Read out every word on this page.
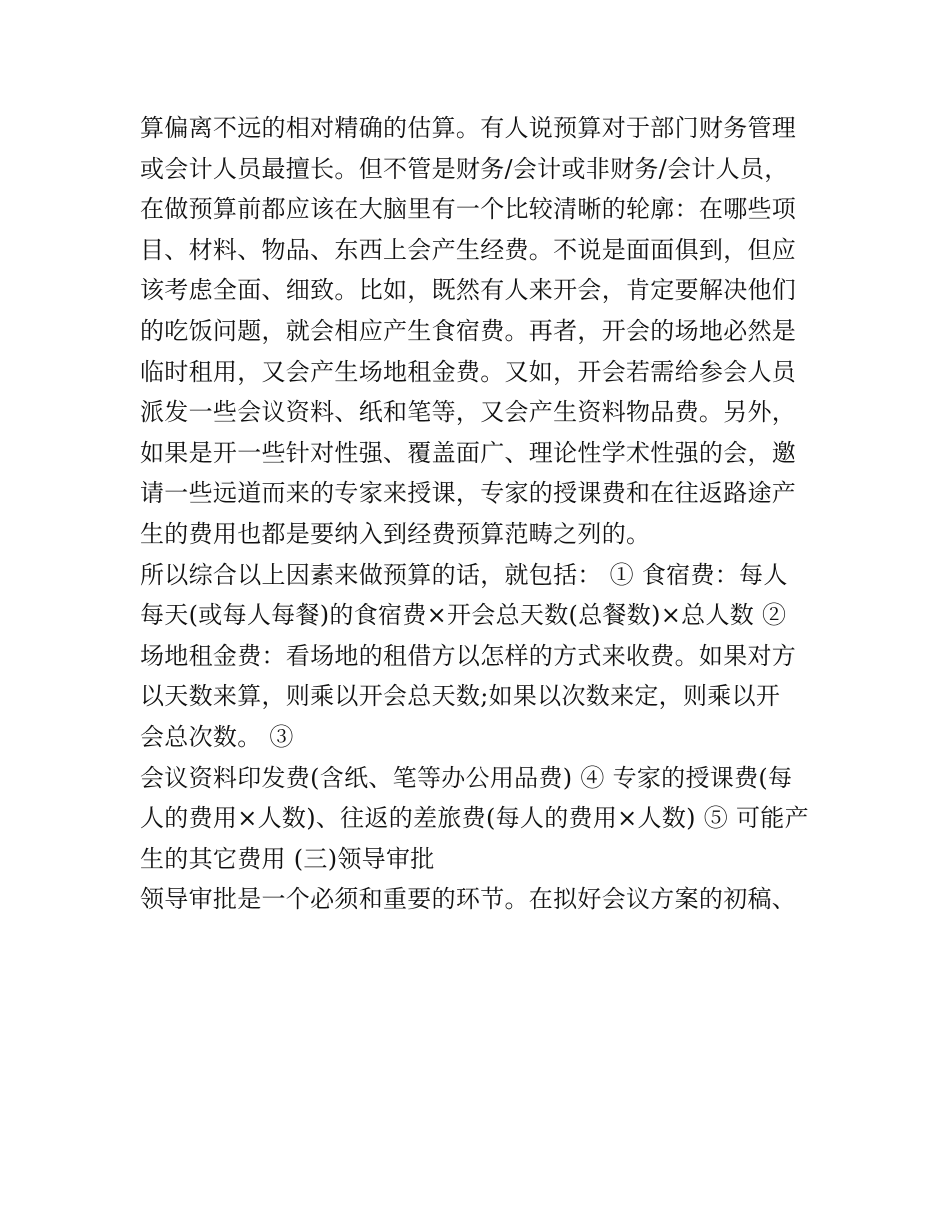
算偏离不远的相对精确的估算。有人说预算对于部门财务管理
或会计人员最擅长。但不管是财务/会计或非财务/会计人员，
在做预算前都应该在大脑里有一个比较清晰的轮廓：在哪些项
目、材料、物品、东西上会产生经费。不说是面面俱到，但应
该考虑全面、细致。比如，既然有人来开会，肯定要解决他们
的吃饭问题，就会相应产生食宿费。再者，开会的场地必然是
临时租用，又会产生场地租金费。又如，开会若需给参会人员
派发一些会议资料、纸和笔等，又会产生资料物品费。另外，
如果是开一些针对性强、覆盖面广、理论性学术性强的会，邀
请一些远道而来的专家来授课，专家的授课费和在往返路途产
生的费用也都是要纳入到经费预算范畴之列的。
所以综合以上因素来做预算的话，就包括： ① 食宿费：每人
每天(或每人每餐)的食宿费×开会总天数(总餐数)×总人数 ②
场地租金费：看场地的租借方以怎样的方式来收费。如果对方
以天数来算，则乘以开会总天数;如果以次数来定，则乘以开
会总次数。 ③
会议资料印发费(含纸、笔等办公用品费) ④ 专家的授课费(每
人的费用×人数)、往返的差旅费(每人的费用×人数) ⑤ 可能产
生的其它费用 (三)领导审批
领导审批是一个必须和重要的环节。在拟好会议方案的初稿、
